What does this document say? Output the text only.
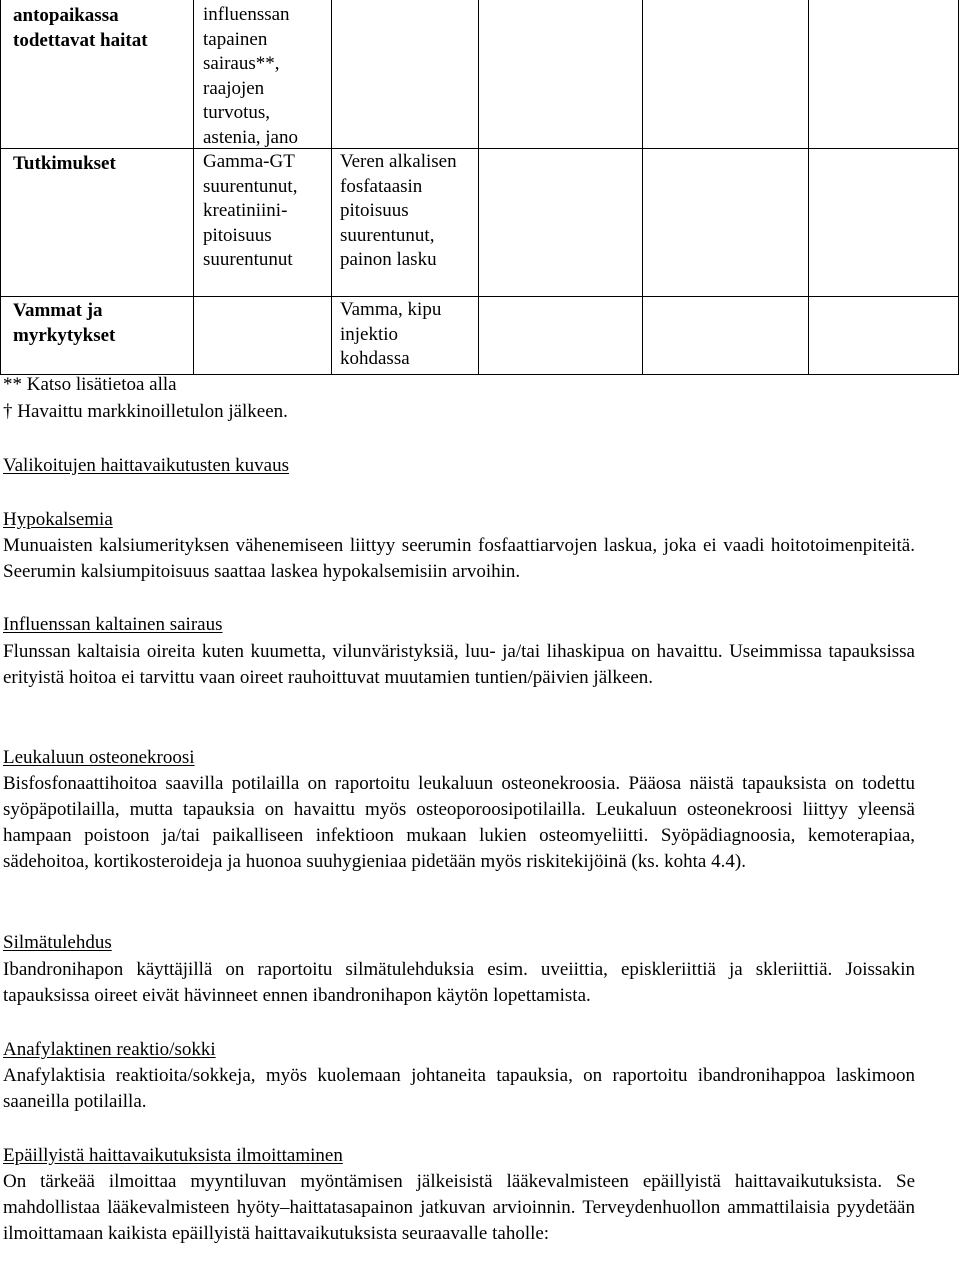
antopaikassa todettavat haitat
influenssan tapainen sairaus**, raajojen turvotus, astenia, jano
Tutkimukset	Gamma-GT suurentunut, kreatiniini-pitoisuus suurentunut
Veren alkalisen fosfataasin pitoisuus suurentunut, painon lasku
Vammat ja myrkytykset
Vamma, kipu injektio kohdassa
** Katso lisätietoa alla
† Havaittu markkinoilletulon jälkeen.
Valikoitujen haittavaikutusten kuvaus
Hypokalsemia
Munuaisten kalsiumerityksen vähenemiseen liittyy seerumin fosfaattiarvojen laskua, joka ei vaadi hoitotoimenpiteitä. Seerumin kalsiumpitoisuus saattaa laskea hypokalsemisiin arvoihin.
Influenssan kaltainen sairaus
Flunssan kaltaisia oireita kuten kuumetta, vilunväristyksiä, luu- ja/tai lihaskipua on havaittu. Useimmissa tapauksissa erityistä hoitoa ei tarvittu vaan oireet rauhoittuvat muutamien tuntien/päivien jälkeen.
Leukaluun osteonekroosi
Bisfosfonaattihoitoa saavilla potilailla on raportoitu leukaluun osteonekroosia. Pääosa näistä tapauksista on todettu syöpäpotilailla, mutta tapauksia on havaittu myös osteoporoosipotilailla. Leukaluun osteonekroosi liittyy yleensä hampaan poistoon ja/tai paikalliseen infektioon mukaan lukien osteomyeliitti. Syöpädiagnoosia, kemoterapiaa, sädehoitoa, kortikosteroideja ja huonoa suuhygieniaa pidetään myös riskitekijöinä (ks. kohta 4.4).
Silmätulehdus
Ibandronihapon käyttäjillä on raportoitu silmätulehduksia esim. uveiittia, episkleriittiä ja skleriittiä. Joissakin tapauksissa oireet eivät hävinneet ennen ibandronihapon käytön lopettamista.
Anafylaktinen reaktio/sokki
Anafylaktisia reaktioita/sokkeja, myös kuolemaan johtaneita tapauksia, on raportoitu ibandronihappoa laskimoon saaneilla potilailla.
Epäillyistä haittavaikutuksista ilmoittaminen
On tärkeää ilmoittaa myyntiluvan myöntämisen jälkeisistä lääkevalmisteen epäillyistä haittavaikutuksista. Se mahdollistaa lääkevalmisteen hyöty–haittatasapainon jatkuvan arvioinnin. Terveydenhuollon ammattilaisia pyydetään ilmoittamaan kaikista epäillyistä haittavaikutuksista seuraavalle taholle:
